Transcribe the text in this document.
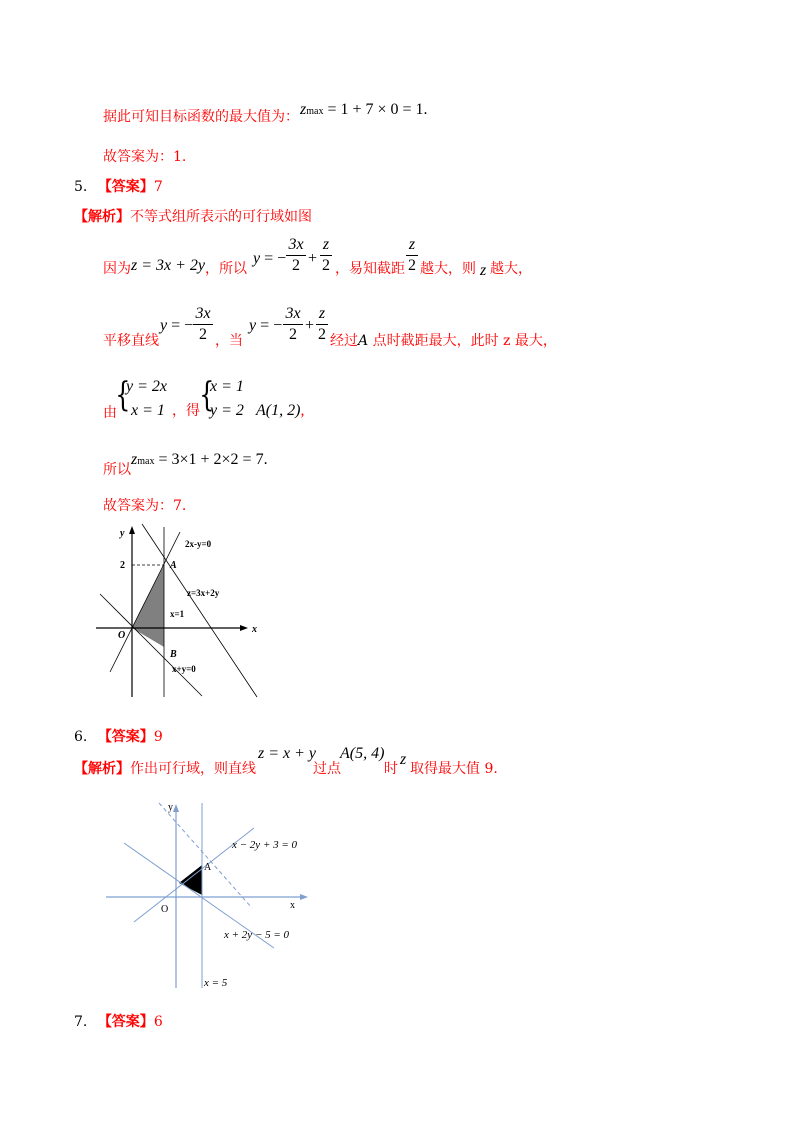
据此可知目标函数的最大值为： zmax = 1 + 7 × 0 = 1.
故答案为：1.
5. 【答案】7
【解析】不等式组所表示的可行域如图
因为 z = 3x + 2y ，所以
y = −
3x
2 +
z
2 ，易知截距
z
2 越大，则 z 越大，
平移直线
y = −
3x
2 ，当
y = −
3x
2
+
z
2 经过A 点时截距最大，此时 z 最大，
由
{
y = 2x
x = 1 ，得 {
x = 1
y = 2 A(1, 2),
所以
zmax = 3×1 + 2×2 = 7.
故答案为：7.
y
x
2
O
A
B
2x-y=0
z=3x+2y
x=1
x+y=0
6. 【答案】9
【解析】作出可行域，则直线
z = x + y
过点
A(5, 4)
时
z
取得最大值 9.
y
x
A
O
x − 2y + 3 = 0
x + 2y − 5 = 0
x = 5
7. 【答案】6
